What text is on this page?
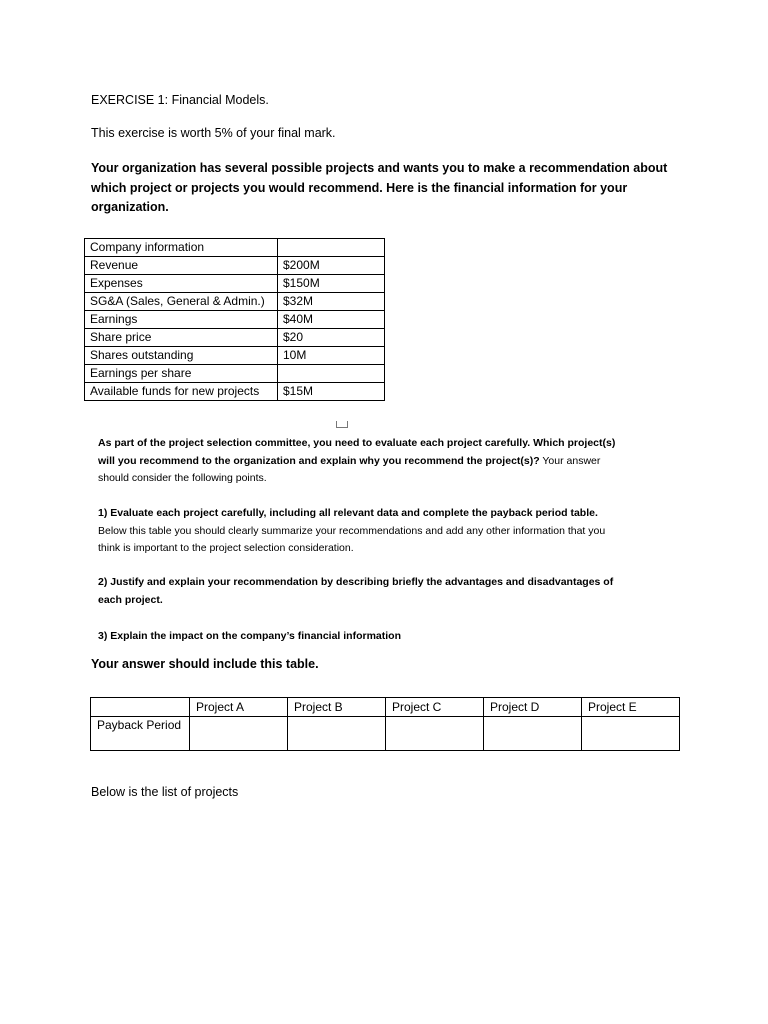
EXERCISE 1: Financial Models.

This exercise is worth 5% of your final mark.

Your organization has several possible projects and wants you to make a recommendation about which project or projects you would recommend. Here is the financial information for your organization.

Company information	
Revenue	$200M
Expenses	$150M
SG&A (Sales, General & Admin.)	$32M
Earnings	$40M
Share price	$20
Shares outstanding	10M
Earnings per share	
Available funds for new projects	$15M

As part of the project selection committee, you need to evaluate each project carefully. Which project(s) will you recommend to the organization and explain why you recommend the project(s)? Your answer should consider the following points.

1) Evaluate each project carefully, including all relevant data and complete the payback period table. Below this table you should clearly summarize your recommendations and add any other information that you think is important to the project selection consideration.

2) Justify and explain your recommendation by describing briefly the advantages and disadvantages of each project.

3) Explain the impact on the company’s financial information

Your answer should include this table.

	Project A	Project B	Project C	Project D	Project E
Payback Period					

Below is the list of projects
